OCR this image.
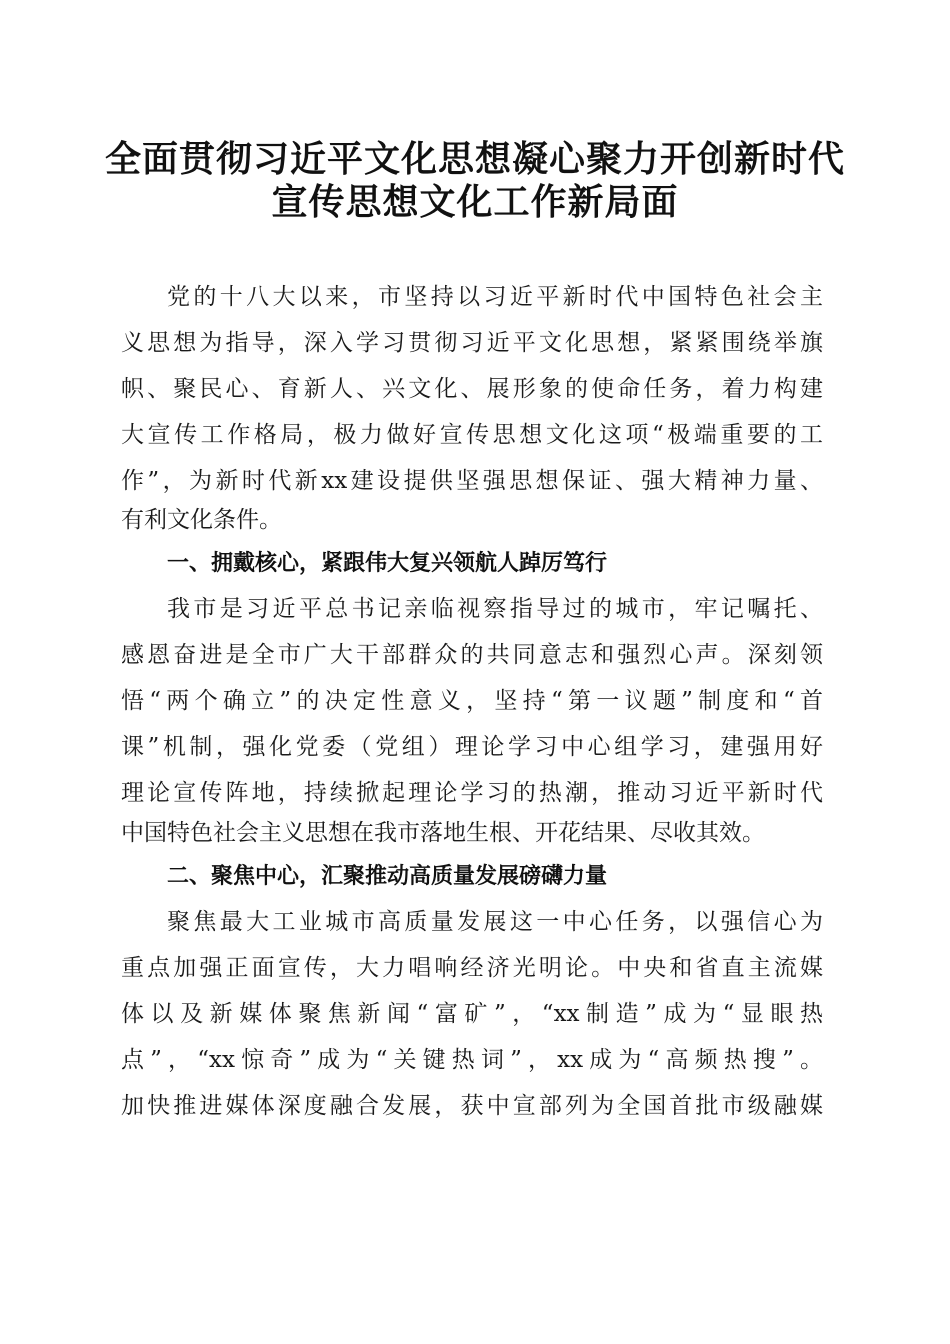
全面贯彻习近平文化思想凝心聚力开创新时代
宣传思想文化工作新局面
党的十八大以来，市坚持以习近平新时代中国特色社会主
义思想为指导，深入学习贯彻习近平文化思想，紧紧围绕举旗
帜、聚民心、育新人、兴文化、展形象的使命任务，着力构建
大宣传工作格局，极力做好宣传思想文化这项“极端重要的工
作”，为新时代新xx建设提供坚强思想保证、强大精神力量、
有利文化条件。
一、拥戴核心，紧跟伟大复兴领航人踔厉笃行
我市是习近平总书记亲临视察指导过的城市，牢记嘱托、
感恩奋进是全市广大干部群众的共同意志和强烈心声。深刻领
悟“两个确立”的决定性意义，坚持“第一议题”制度和“首
课”机制，强化党委（党组）理论学习中心组学习，建强用好
理论宣传阵地，持续掀起理论学习的热潮，推动习近平新时代
中国特色社会主义思想在我市落地生根、开花结果、尽收其效。
二、聚焦中心，汇聚推动高质量发展磅礴力量
聚焦最大工业城市高质量发展这一中心任务，以强信心为
重点加强正面宣传，大力唱响经济光明论。中央和省直主流媒
体以及新媒体聚焦新闻“富矿”，“xx制造”成为“显眼热
点”，“xx惊奇”成为“关键热词”，xx成为“高频热搜”。
加快推进媒体深度融合发展，获中宣部列为全国首批市级融媒
